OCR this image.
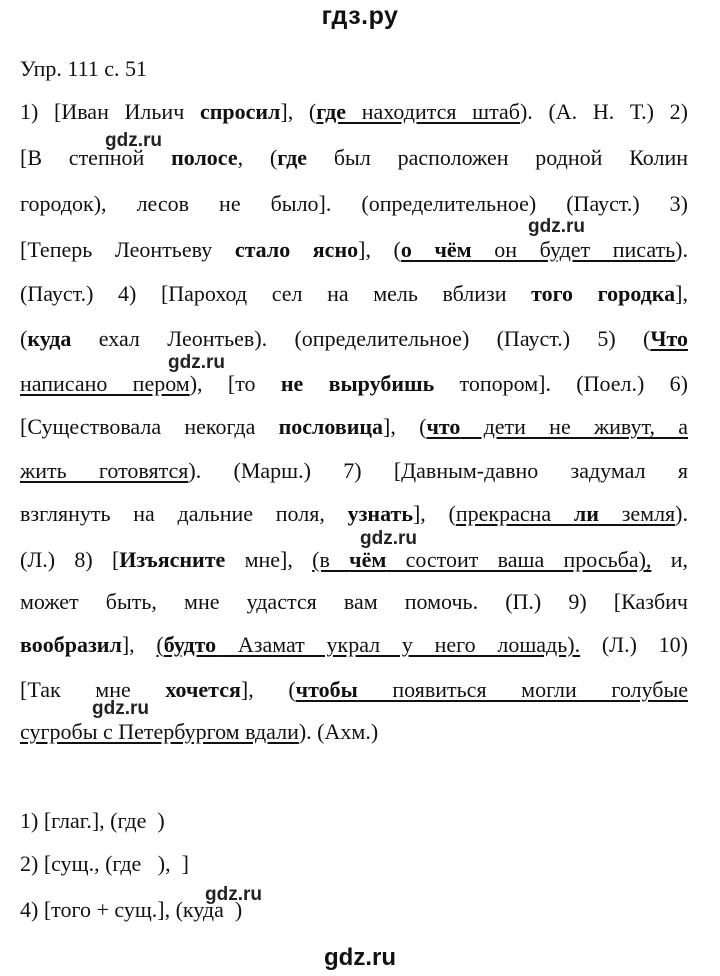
гдз.ру
Упр. 111 с. 51
1) [Иван Ильич спросил], (где находится штаб). (А. Н. Т.) 2)
[В степной полосе, (где был расположен родной Колин
городок), лесов не было]. (определительное) (Пауст.) 3)
[Теперь Леонтьеву стало ясно], (о чём он будет писать).
(Пауст.) 4) [Пароход сел на мель вблизи того городка],
(куда ехал Леонтьев). (определительное) (Пауст.) 5) (Что
написано пером), [то не вырубишь топором]. (Поел.) 6)
[Существовала некогда пословица], (что дети не живут, а
жить готовятся). (Марш.) 7) [Давным-давно задумал я
взглянуть на дальние поля, узнать], (прекрасна ли земля).
(Л.) 8) [Изъясните мне], (в чём состоит ваша просьба), и,
может быть, мне удастся вам помочь. (П.) 9) [Казбич
вообразил], (будто Азамат украл у него лошадь). (Л.) 10)
[Так мне хочется], (чтобы появиться могли голубые
сугробы с Петербургом вдали). (Ахм.)
1) [глаг.], (где  )
2) [сущ., (где   ),  ]
4) [того + сущ.], (куда  )
gdz.ru
gdz.ru
gdz.ru
gdz.ru
gdz.ru
gdz.ru
gdz.ru
